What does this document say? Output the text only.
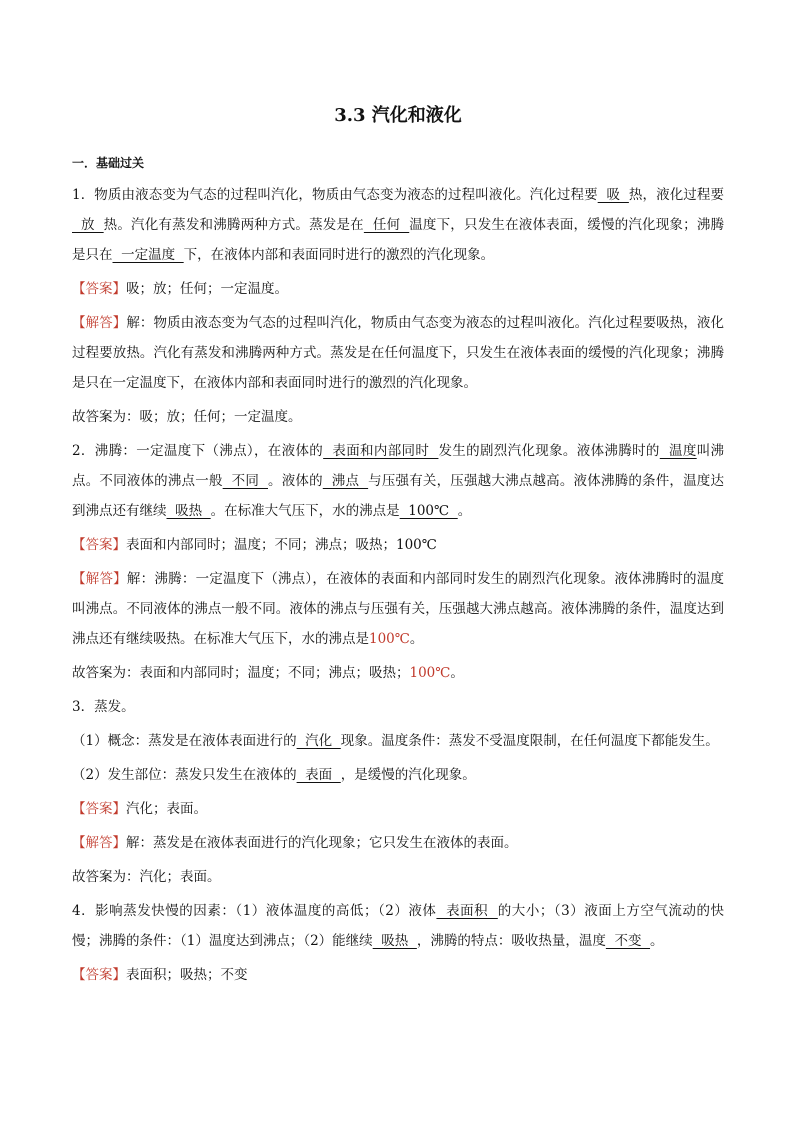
3.3 汽化和液化
一．基础过关

1．物质由液态变为气态的过程叫汽化，物质由气态变为液态的过程叫液化。汽化过程要  吸  热，液化过程要  放  热。汽化有蒸发和沸腾两种方式。蒸发是在  任何  温度下，只发生在液体表面，缓慢的汽化现象；沸腾是只在  一定温度  下，在液体内部和表面同时进行的激烈的汽化现象。

【答案】吸；放；任何；一定温度。

【解答】解：物质由液态变为气态的过程叫汽化，物质由气态变为液态的过程叫液化。汽化过程要吸热，液化过程要放热。汽化有蒸发和沸腾两种方式。蒸发是在任何温度下，只发生在液体表面的缓慢的汽化现象；沸腾是只在一定温度下，在液体内部和表面同时进行的激烈的汽化现象。

故答案为：吸；放；任何；一定温度。

2．沸腾：一定温度下（沸点），在液体的  表面和内部同时  发生的剧烈汽化现象。液体沸腾时的  温度叫沸点。不同液体的沸点一般  不同  。液体的  沸点  与压强有关，压强越大沸点越高。液体沸腾的条件，温度达到沸点还有继续  吸热  。在标准大气压下，水的沸点是  100℃  。

【答案】表面和内部同时；温度；不同；沸点；吸热；100℃

【解答】解：沸腾：一定温度下（沸点），在液体的表面和内部同时发生的剧烈汽化现象。液体沸腾时的温度叫沸点。不同液体的沸点一般不同。液体的沸点与压强有关，压强越大沸点越高。液体沸腾的条件，温度达到沸点还有继续吸热。在标准大气压下，水的沸点是100℃。

故答案为：表面和内部同时；温度；不同；沸点；吸热；100℃。

3．蒸发。

（1）概念：蒸发是在液体表面进行的  汽化  现象。温度条件：蒸发不受温度限制，在任何温度下都能发生。

（2）发生部位：蒸发只发生在液体的  表面  ，是缓慢的汽化现象。

【答案】汽化；表面。

【解答】解：蒸发是在液体表面进行的汽化现象；它只发生在液体的表面。

故答案为：汽化；表面。

4．影响蒸发快慢的因素：（1）液体温度的高低；（2）液体  表面积  的大小；（3）液面上方空气流动的快慢；沸腾的条件：（1）温度达到沸点；（2）能继续  吸热  ，沸腾的特点：吸收热量，温度  不变  。

【答案】表面积；吸热；不变
